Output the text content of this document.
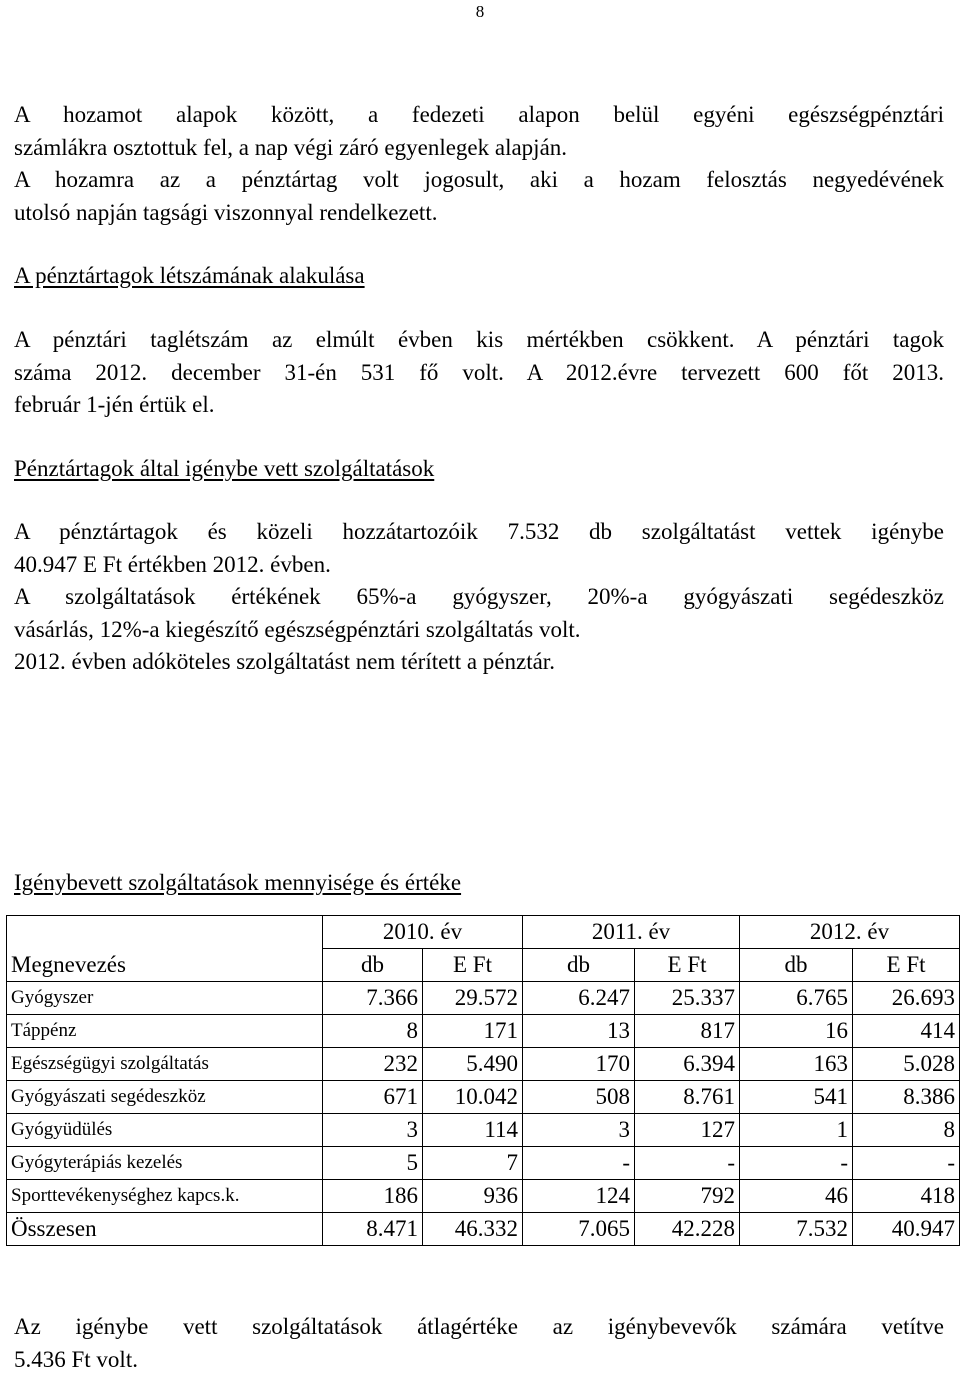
8
A hozamot alapok között, a fedezeti alapon belül egyéni egészségpénztári
számlákra osztottuk fel, a nap végi záró egyenlegek alapján.
A hozamra az a pénztártag volt jogosult, aki a hozam felosztás negyedévének
utolsó napján tagsági viszonnyal rendelkezett.
A pénztártagok létszámának alakulása
A pénztári taglétszám az elmúlt évben kis mértékben csökkent. A pénztári tagok
száma 2012. december 31-én 531 fő volt. A 2012.évre tervezett 600 főt 2013.
február 1-jén értük el.
Pénztártagok által igénybe vett szolgáltatások
A pénztártagok és közeli hozzátartozóik 7.532 db szolgáltatást vettek igénybe
40.947 E Ft értékben 2012. évben.
A szolgáltatások értékének 65%-a gyógyszer, 20%-a gyógyászati segédeszköz
vásárlás, 12%-a kiegészítő egészségpénztári szolgáltatás volt.
2012. évben adóköteles szolgáltatást nem térített a pénztár.
Igénybevett szolgáltatások mennyisége és értéke
	2010. év		2011. év		2012. év	
Megnevezés	db	E Ft	db	E Ft	db	E Ft
Gyógyszer	7.366	29.572	6.247	25.337	6.765	26.693
Táppénz	8	171	13	817	16	414
Egészségügyi szolgáltatás	232	5.490	170	6.394	163	5.028
Gyógyászati segédeszköz	671	10.042	508	8.761	541	8.386
Gyógyüdülés	3	114	3	127	1	8
Gyógyterápiás kezelés	5	7	-	-	-	-
Sporttevékenységhez kapcs.k.	186	936	124	792	46	418
Összesen	8.471	46.332	7.065	42.228	7.532	40.947
Az igénybe vett szolgáltatások átlagértéke az igénybevevők számára vetítve
5.436 Ft volt.
